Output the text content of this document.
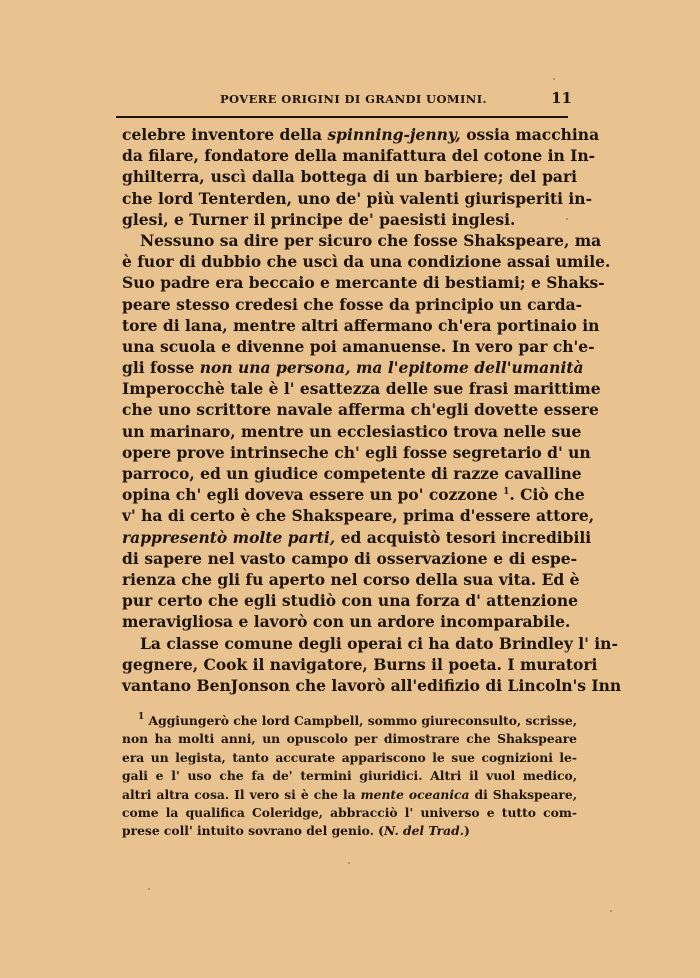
POVERE ORIGINI DI GRANDI UOMINI.	11
celebre inventore della spinning-jenny, ossia macchina
da filare, fondatore della manifattura del cotone in In-
ghilterra, uscì dalla bottega di un barbiere; del pari
che lord Tenterden, uno de' più valenti giurisperiti in-
glesi, e Turner il principe de' paesisti inglesi.
Nessuno sa dire per sicuro che fosse Shakspeare, ma
è fuor di dubbio che uscì da una condizione assai umile.
Suo padre era beccaio e mercante di bestiami; e Shaks-
peare stesso credesi che fosse da principio un carda-
tore di lana, mentre altri affermano ch'era portinaio in
una scuola e divenne poi amanuense. In vero par ch'e-
gli fosse non una persona, ma l'epitome dell'umanità
Imperocchè tale è l' esattezza delle sue frasi marittime
che uno scrittore navale afferma ch'egli dovette essere
un marinaro, mentre un ecclesiastico trova nelle sue
opere prove intrinseche ch' egli fosse segretario d' un
parroco, ed un giudice competente di razze cavalline
opina ch' egli doveva essere un po' cozzone $^1$. Ciò che
v' ha di certo è che Shakspeare, prima d'essere attore,
rappresentò molte parti, ed acquistò tesori incredibili
di sapere nel vasto campo di osservazione e di espe-
rienza che gli fu aperto nel corso della sua vita. Ed è
pur certo che egli studiò con una forza d' attenzione
meravigliosa e lavorò con un ardore incomparabile.
La classe comune degli operai ci ha dato Brindley l' in-
gegnere, Cook il navigatore, Burns il poeta. I muratori
vantano BenJonson che lavorò all'edifizio di Lincoln's Inn
$^1$ Aggiungerò che lord Campbell, sommo giureconsulto, scrisse,
non ha molti anni, un opuscolo per dimostrare che Shakspeare
era un legista, tanto accurate appariscono le sue cognizioni le-
gali e l' uso che fa de' termini giuridici. Altri il vuol medico,
altri altra cosa. Il vero si è che la mente oceanica di Shakspeare,
come la qualifica Coleridge, abbracciò l' universo e tutto com-
prese coll' intuito sovrano del genio. (N. del Trad.)
